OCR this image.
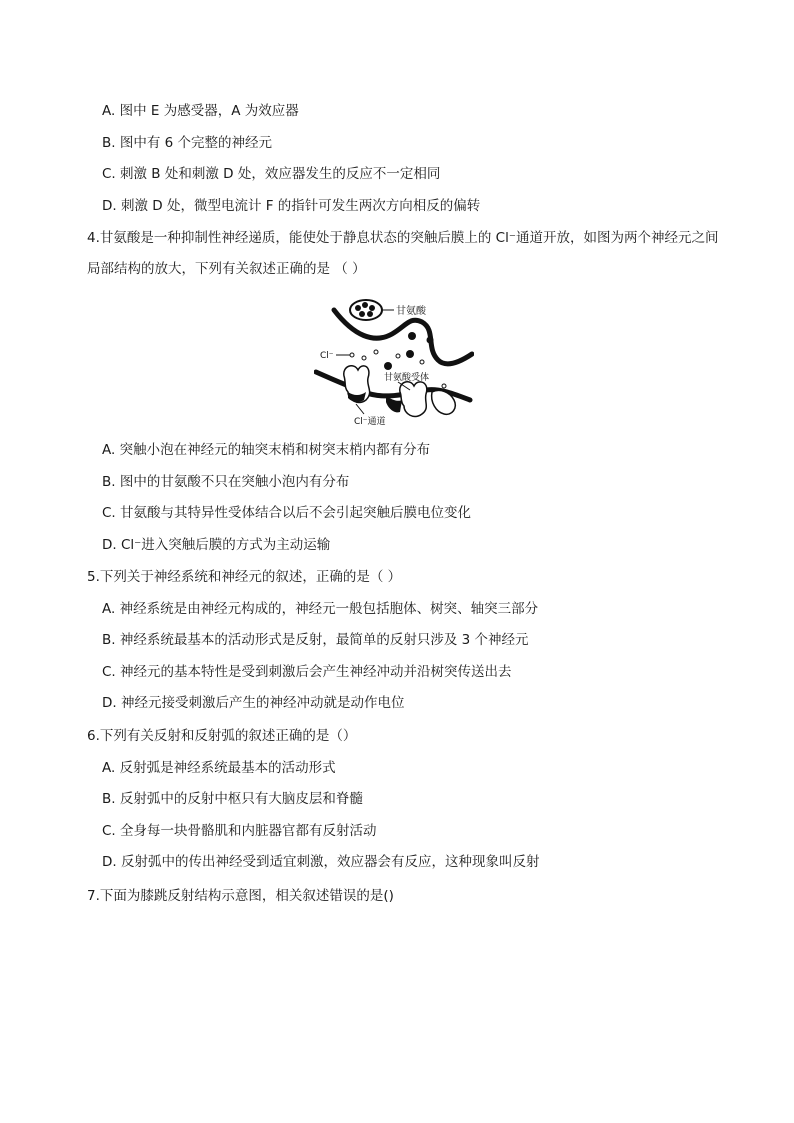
A. 图中 E 为感受器，A 为效应器
B. 图中有 6 个完整的神经元
C. 刺激 B 处和刺激 D 处，效应器发生的反应不一定相同
D. 刺激 D 处，微型电流计 F 的指针可发生两次方向相反的偏转
4.甘氨酸是一种抑制性神经递质，能使处于静息状态的突触后膜上的 Cl⁻通道开放，如图为两个神经元之间
局部结构的放大，下列有关叙述正确的是 （ ）
甘氨酸
Cl⁻
甘氨酸受体
Cl⁻通道
A. 突触小泡在神经元的轴突末梢和树突末梢内都有分布
B. 图中的甘氨酸不只在突触小泡内有分布
C. 甘氨酸与其特异性受体结合以后不会引起突触后膜电位变化
D. Cl⁻进入突触后膜的方式为主动运输
5.下列关于神经系统和神经元的叙述，正确的是（ ）
A. 神经系统是由神经元构成的，神经元一般包括胞体、树突、轴突三部分
B. 神经系统最基本的活动形式是反射，最简单的反射只涉及 3 个神经元
C. 神经元的基本特性是受到刺激后会产生神经冲动并沿树突传送出去
D. 神经元接受刺激后产生的神经冲动就是动作电位
6.下列有关反射和反射弧的叙述正确的是（）
A. 反射弧是神经系统最基本的活动形式
B. 反射弧中的反射中枢只有大脑皮层和脊髓
C. 全身每一块骨骼肌和内脏器官都有反射活动
D. 反射弧中的传出神经受到适宜刺激，效应器会有反应，这种现象叫反射
7.下面为膝跳反射结构示意图，相关叙述错误的是()
